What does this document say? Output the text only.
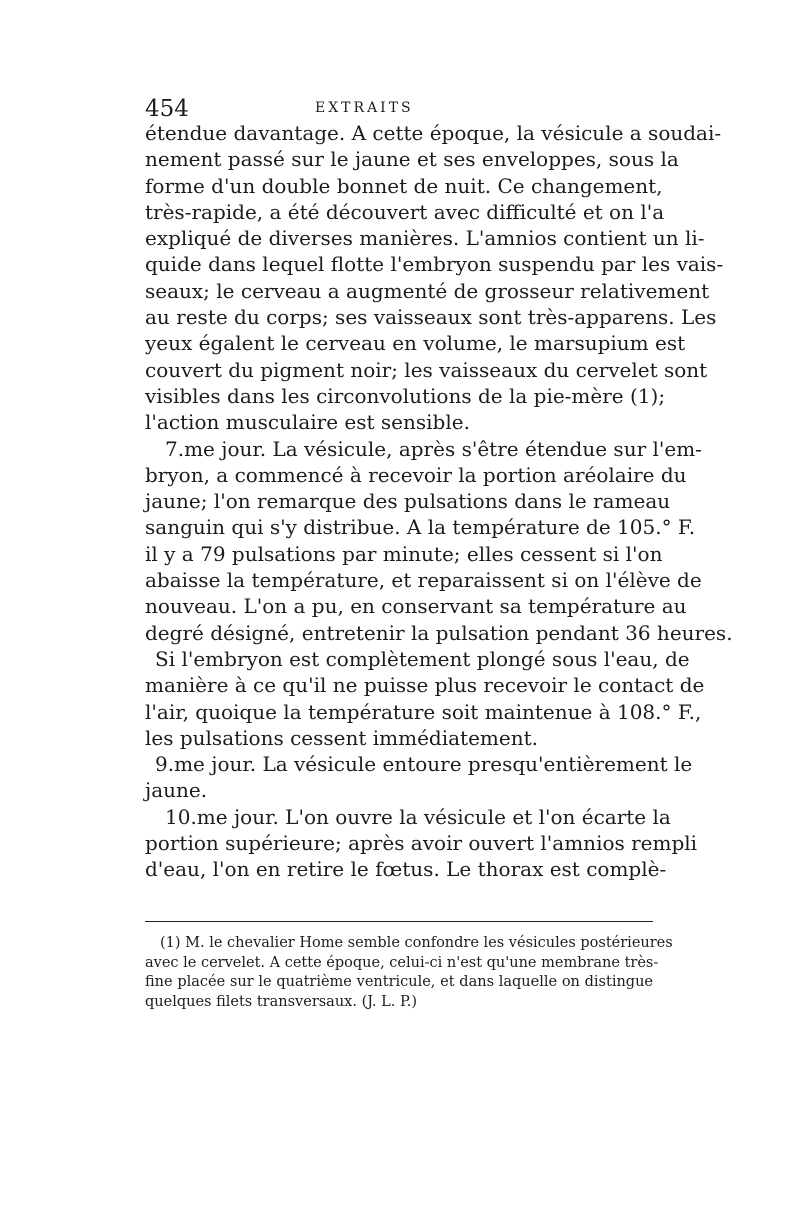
454	EXTRAITS
étendue davantage. A cette époque, la vésicule a soudai-
nement passé sur le jaune et ses enveloppes, sous la
forme d'un double bonnet de nuit. Ce changement,
très-rapide, a été découvert avec difficulté et on l'a
expliqué de diverses manières. L'amnios contient un li-
quide dans lequel flotte l'embryon suspendu par les vais-
seaux; le cerveau a augmenté de grosseur relativement
au reste du corps; ses vaisseaux sont très-apparens. Les
yeux égalent le cerveau en volume, le marsupium est
couvert du pigment noir; les vaisseaux du cervelet sont
visibles dans les circonvolutions de la pie-mère (1);
l'action musculaire est sensible.
7.me jour. La vésicule, après s'être étendue sur l'em-
bryon, a commencé à recevoir la portion aréolaire du
jaune; l'on remarque des pulsations dans le rameau
sanguin qui s'y distribue. A la température de 105.° F.
il y a 79 pulsations par minute; elles cessent si l'on
abaisse la température, et reparaissent si on l'élève de
nouveau. L'on a pu, en conservant sa température au
degré désigné, entretenir la pulsation pendant 36 heures.
Si l'embryon est complètement plongé sous l'eau, de
manière à ce qu'il ne puisse plus recevoir le contact de
l'air, quoique la température soit maintenue à 108.° F.,
les pulsations cessent immédiatement.
9.me jour. La vésicule entoure presqu'entièrement le
jaune.
10.me jour. L'on ouvre la vésicule et l'on écarte la
portion supérieure; après avoir ouvert l'amnios rempli
d'eau, l'on en retire le fœtus. Le thorax est complè-
(1) M. le chevalier Home semble confondre les vésicules postérieures
avec le cervelet. A cette époque, celui-ci n'est qu'une membrane très-
fine placée sur le quatrième ventricule, et dans laquelle on distingue
quelques filets transversaux. (J. L. P.)
